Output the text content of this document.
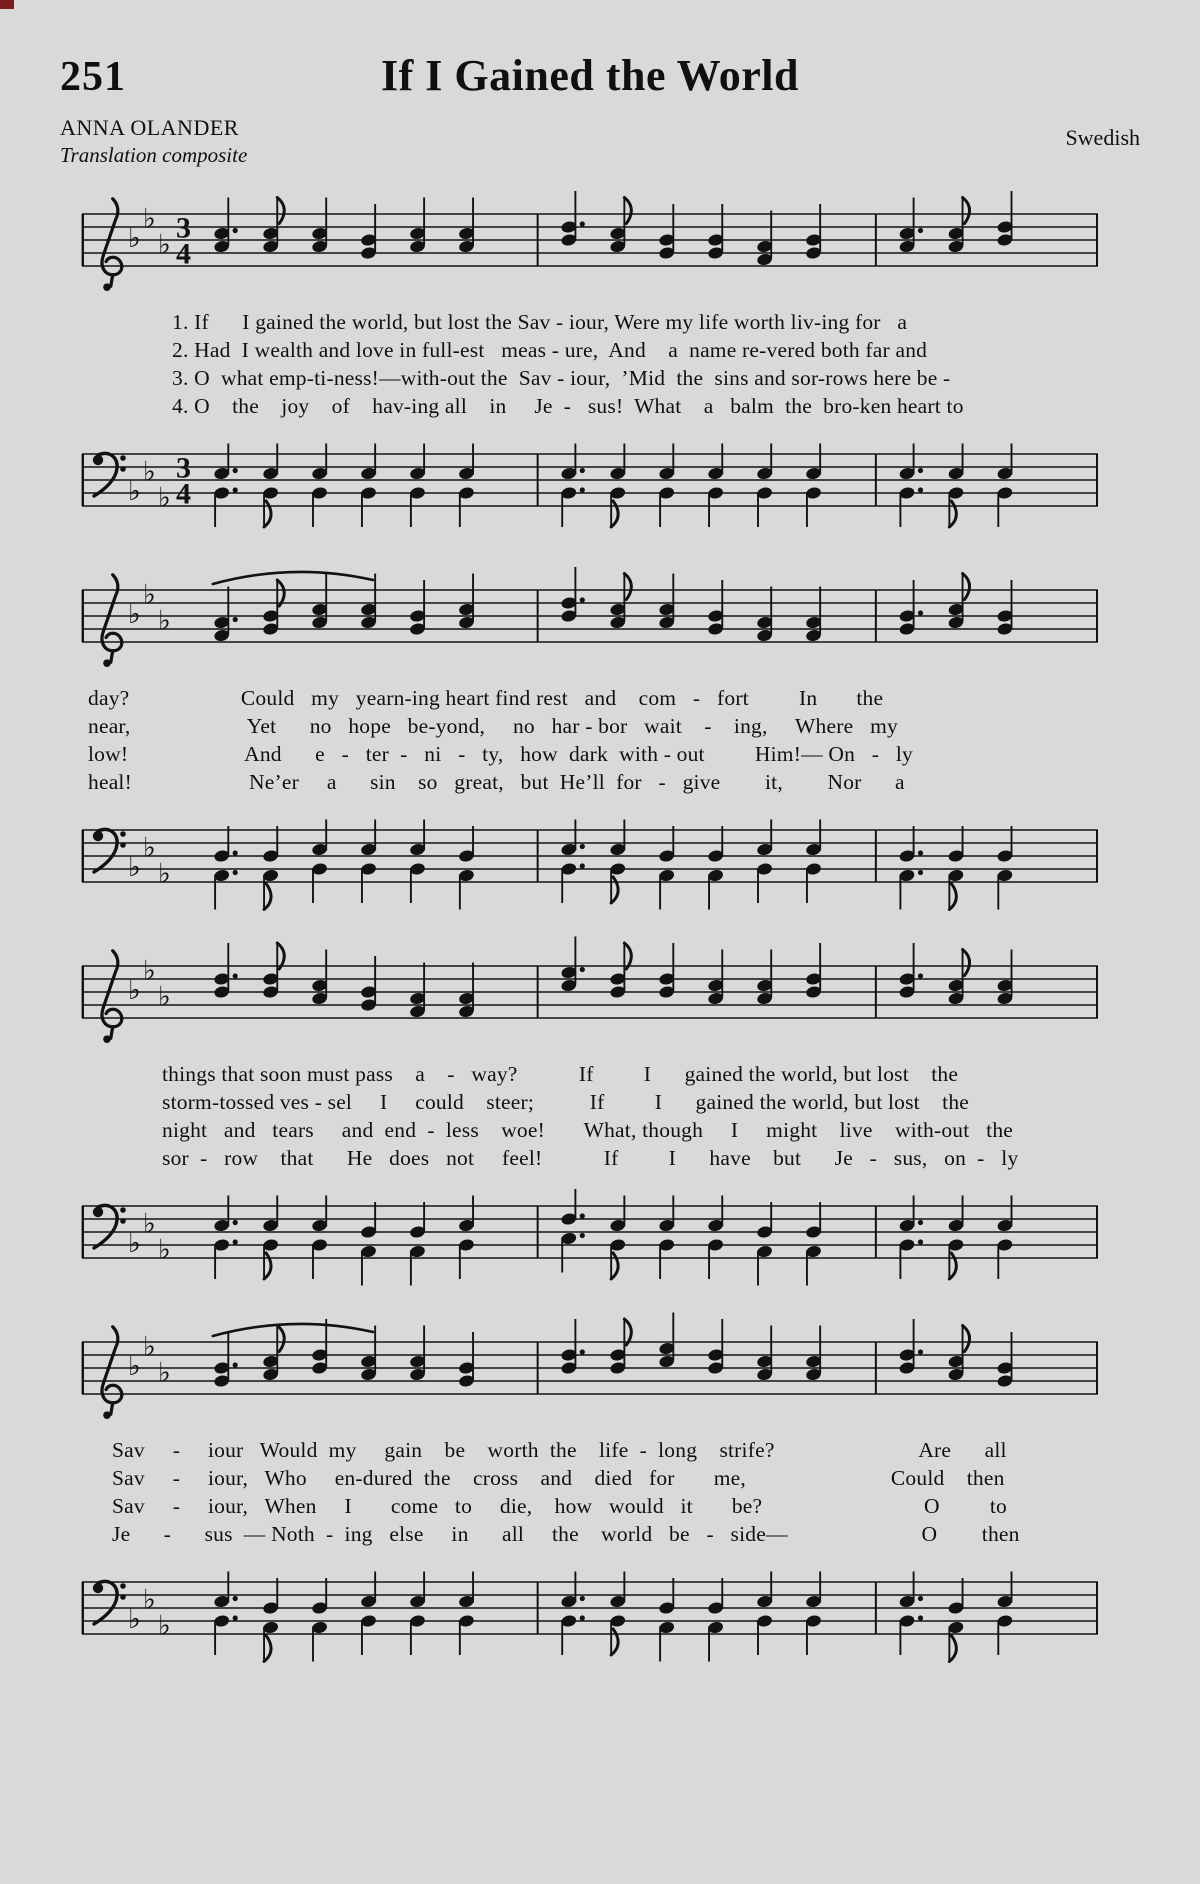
251	If I Gained the World
ANNA OLANDER
Translation composite
Swedish
♭
♭
♭
3
4
1. If      I gained the world, but lost the Sav - iour, Were my life worth liv-ing for   a
2. Had  I wealth and love in full-est   meas - ure,  And    a  name re-vered both far and
3. O  what emp-ti-ness!—with-out the  Sav - iour,  ’Mid  the  sins and sor-rows here be -
4. O    the    joy    of    hav-ing all    in     Je  -   sus!  What    a   balm  the  bro-ken heart to
♭
♭
♭
3
4
♭
♭
♭
day?                    Could   my   yearn-ing heart find rest   and    com   -   fort         In       the
near,                     Yet      no   hope   be-yond,     no   har - bor   wait    -    ing,     Where   my
low!                     And      e   -   ter  -   ni   -   ty,   how  dark  with - out         Him!— On   -   ly
heal!                     Ne’er     a      sin    so   great,   but  He’ll  for   -   give        it,        Nor      a
♭
♭
♭
♭
♭
♭
things that soon must pass    a    -   way?           If         I      gained the world, but lost    the
storm-tossed ves - sel     I     could    steer;          If         I      gained the world, but lost    the
night   and   tears     and  end  -  less    woe!       What, though     I     might    live    with-out   the
sor  -   row    that      He   does   not     feel!           If         I      have    but      Je   -   sus,   on  -   ly
♭
♭
♭
♭
♭
♭
Sav     -     iour   Would  my     gain    be    worth  the    life  -  long    strife?                          Are      all
Sav     -     iour,   Who     en-dured  the    cross    and    died   for       me,                          Could    then
Sav     -     iour,   When     I       come   to     die,    how   would   it       be?                             O         to
Je      -      sus  — Noth  -  ing   else     in      all     the    world   be   -   side—                        O        then
♭
♭
♭
